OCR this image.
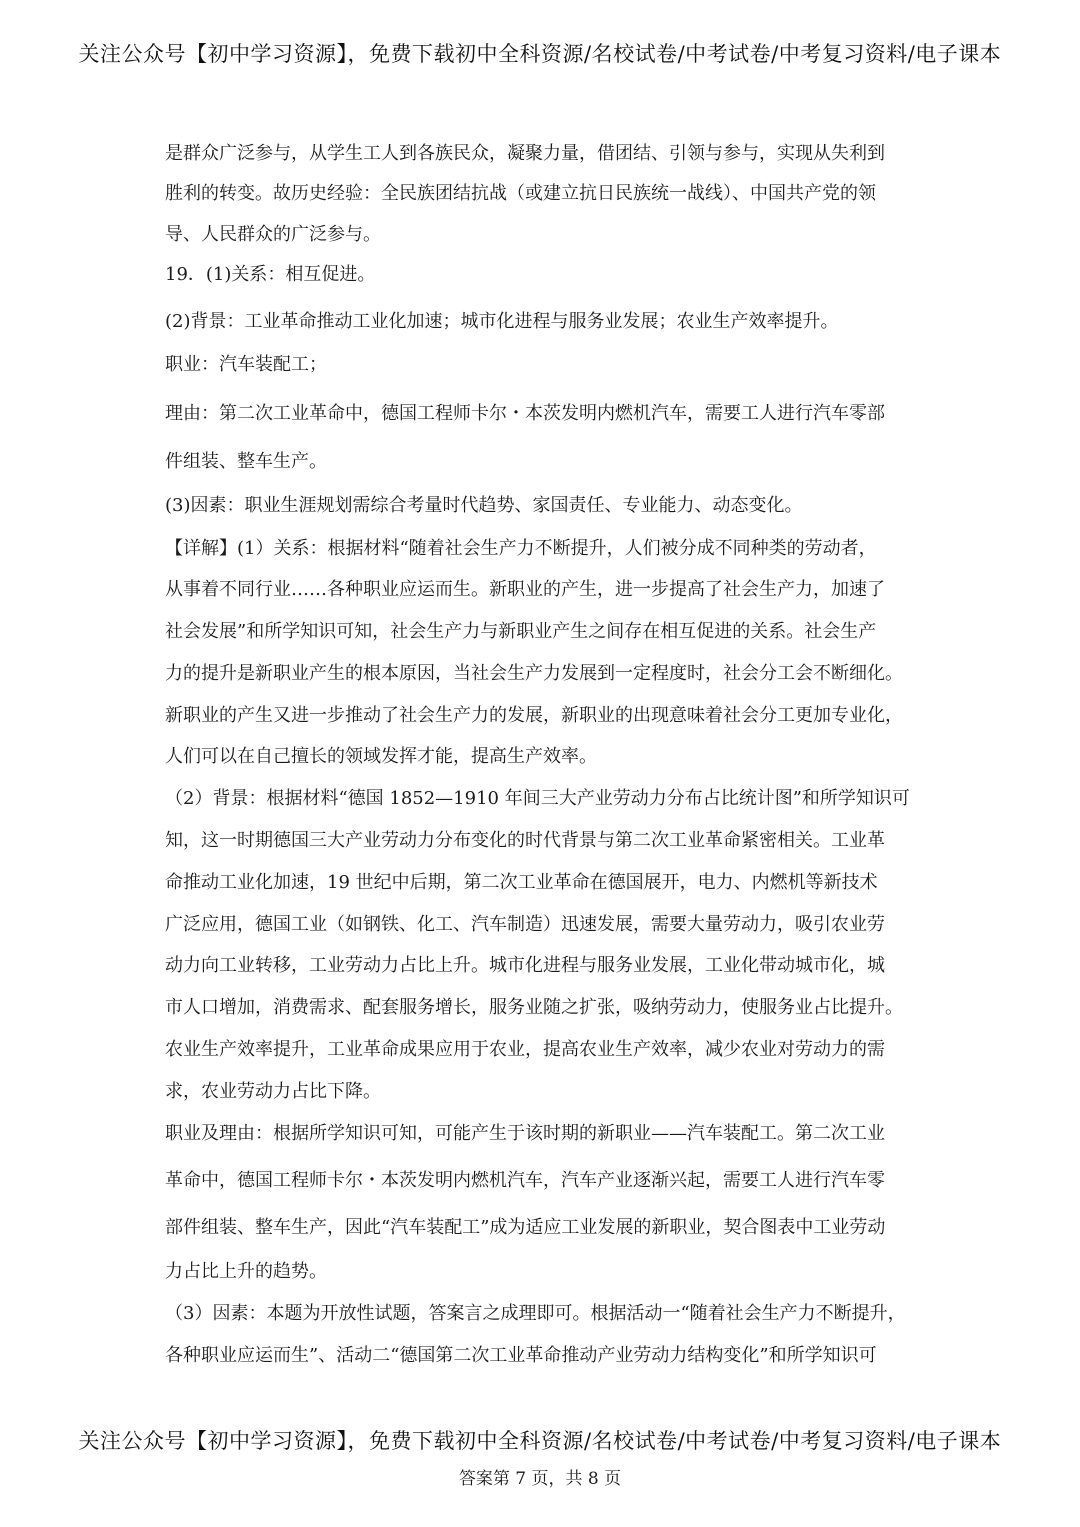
关注公众号【初中学习资源】，免费下载初中全科资源/名校试卷/中考试卷/中考复习资料/电子课本
是群众广泛参与，从学生工人到各族民众，凝聚力量，借团结、引领与参与，实现从失利到
胜利的转变。故历史经验：全民族团结抗战（或建立抗日民族统一战线）、中国共产党的领
导、人民群众的广泛参与。
19．(1)关系：相互促进。
(2)背景：工业革命推动工业化加速；城市化进程与服务业发展；农业生产效率提升。
职业：汽车装配工；
理由：第二次工业革命中，德国工程师卡尔・本茨发明内燃机汽车，需要工人进行汽车零部
件组装、整车生产。
(3)因素：职业生涯规划需综合考量时代趋势、家国责任、专业能力、动态变化。
【详解】(1）关系：根据材料“随着社会生产力不断提升，人们被分成不同种类的劳动者，
从事着不同行业……各种职业应运而生。新职业的产生，进一步提高了社会生产力，加速了
社会发展”和所学知识可知，社会生产力与新职业产生之间存在相互促进的关系。社会生产
力的提升是新职业产生的根本原因，当社会生产力发展到一定程度时，社会分工会不断细化。
新职业的产生又进一步推动了社会生产力的发展，新职业的出现意味着社会分工更加专业化，
人们可以在自己擅长的领域发挥才能，提高生产效率。
（2）背景：根据材料“德国 1852—1910 年间三大产业劳动力分布占比统计图”和所学知识可
知，这一时期德国三大产业劳动力分布变化的时代背景与第二次工业革命紧密相关。工业革
命推动工业化加速，19 世纪中后期，第二次工业革命在德国展开，电力、内燃机等新技术
广泛应用，德国工业（如钢铁、化工、汽车制造）迅速发展，需要大量劳动力，吸引农业劳
动力向工业转移，工业劳动力占比上升。城市化进程与服务业发展，工业化带动城市化，城
市人口增加，消费需求、配套服务增长，服务业随之扩张，吸纳劳动力，使服务业占比提升。
农业生产效率提升，工业革命成果应用于农业，提高农业生产效率，减少农业对劳动力的需
求，农业劳动力占比下降。
职业及理由：根据所学知识可知，可能产生于该时期的新职业——汽车装配工。第二次工业
革命中，德国工程师卡尔・本茨发明内燃机汽车，汽车产业逐渐兴起，需要工人进行汽车零
部件组装、整车生产，因此“汽车装配工”成为适应工业发展的新职业，契合图表中工业劳动
力占比上升的趋势。
（3）因素：本题为开放性试题，答案言之成理即可。根据活动一“随着社会生产力不断提升，
各种职业应运而生”、活动二“德国第二次工业革命推动产业劳动力结构变化”和所学知识可
关注公众号【初中学习资源】，免费下载初中全科资源/名校试卷/中考试卷/中考复习资料/电子课本
答案第 7 页，共 8 页
